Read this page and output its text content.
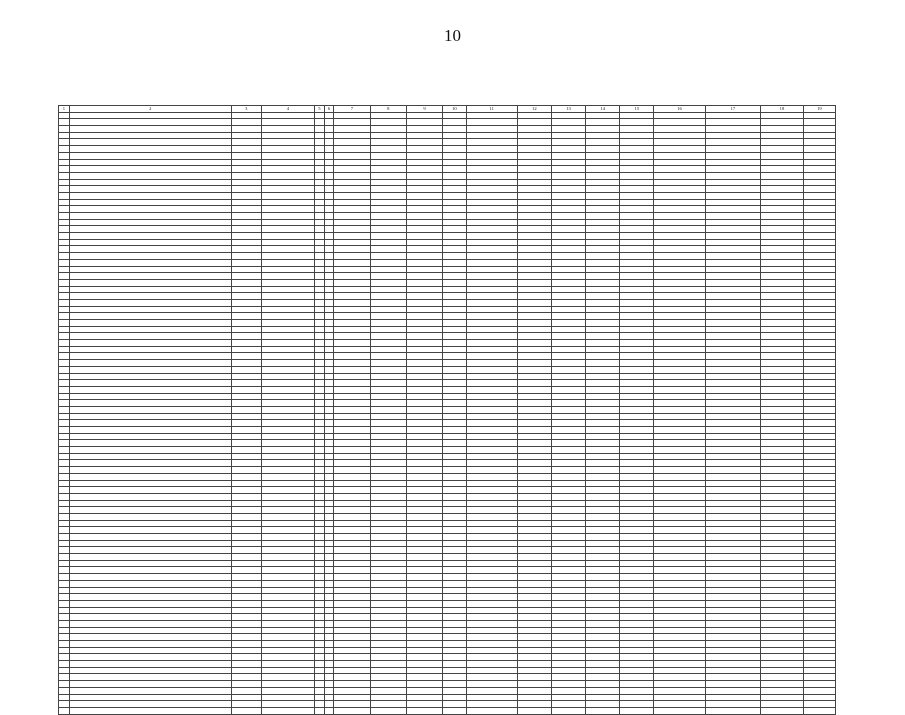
10
1	2	3	4	5	6	7	8	9	10	11	12	13	14	15	16	17	18	19
